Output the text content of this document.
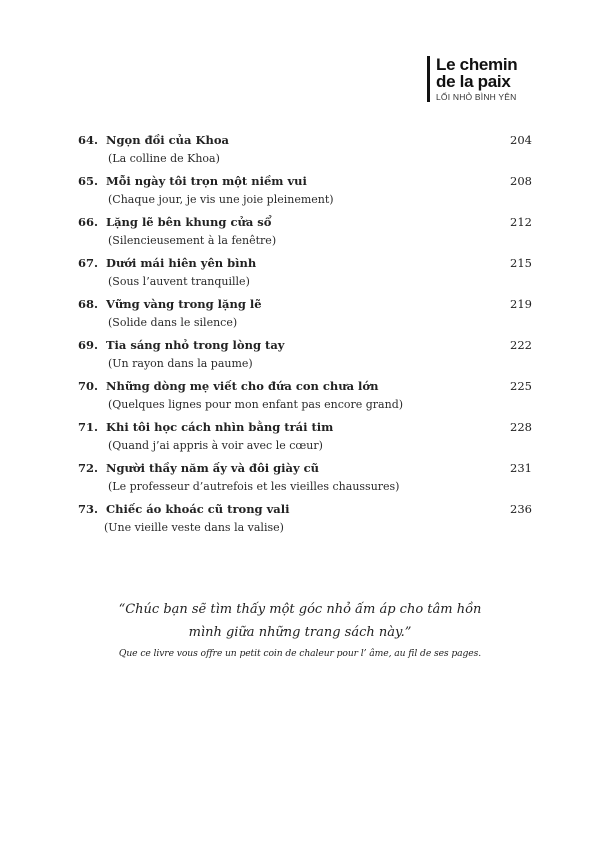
Le chemin
de la paix
LỐI NHỎ BÌNH YÊN
64. Ngọn đồi của Khoa	204
(La colline de Khoa)
65. Mỗi ngày tôi trọn một niềm vui	208
(Chaque jour, je vis une joie pleinement)
66. Lặng lẽ bên khung cửa sổ	212
(Silencieusement à la fenêtre)
67. Dưới mái hiên yên bình	215
(Sous l’auvent tranquille)
68. Vững vàng trong lặng lẽ	219
(Solide dans le silence)
69. Tia sáng nhỏ trong lòng tay	222
(Un rayon dans la paume)
70. Những dòng mẹ viết cho đứa con chưa lớn	225
(Quelques lignes pour mon enfant pas encore grand)
71. Khi tôi học cách nhìn bằng trái tim	228
(Quand j’ai appris à voir avec le cœur)
72. Người thầy năm ấy và đôi giày cũ	231
(Le professeur d’autrefois et les vieilles chaussures)
73. Chiếc áo khoác cũ trong vali	236
(Une vieille veste dans la valise)
“Chúc bạn sẽ tìm thấy một góc nhỏ ấm áp cho tâm hồn
mình giữa những trang sách này.”
Que ce livre vous offre un petit coin de chaleur pour l’ âme, au fil de ses pages.
